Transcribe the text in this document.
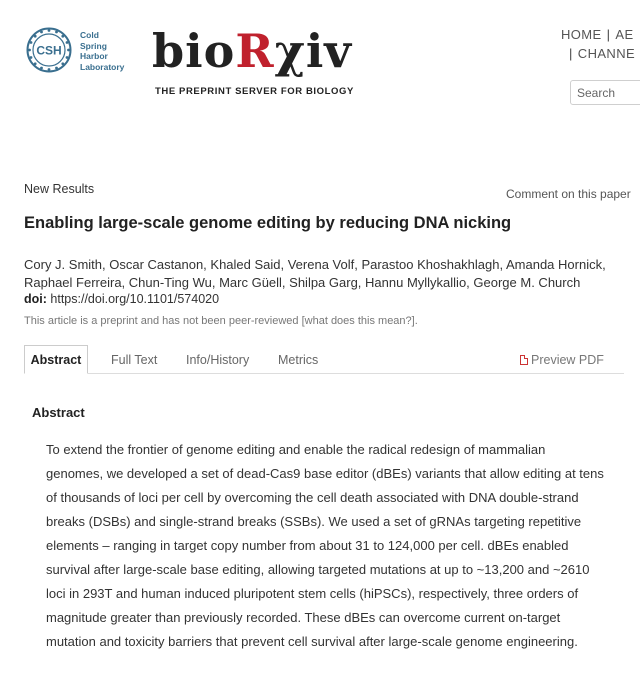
CSH
Cold
Spring
Harbor
Laboratory bioRχiv
THE PREPRINT SERVER FOR BIOLOGY
HOME | AE
| CHANNE
Search
New Results	Comment on this paper
Enabling large-scale genome editing by reducing DNA nicking
Cory J. Smith, Oscar Castanon, Khaled Said, Verena Volf, Parastoo Khoshakhlagh, Amanda Hornick, Raphael Ferreira, Chun-Ting Wu, Marc Güell, Shilpa Garg, Hannu Myllykallio, George M. Church
doi: https://doi.org/10.1101/574020
This article is a preprint and has not been peer-reviewed [what does this mean?].
Abstract	Full Text Info/History Metrics	Preview PDF
Abstract
To extend the frontier of genome editing and enable the radical redesign of mammalian genomes, we developed a set of dead-Cas9 base editor (dBEs) variants that allow editing at tens of thousands of loci per cell by overcoming the cell death associated with DNA double-strand breaks (DSBs) and single-strand breaks (SSBs). We used a set of gRNAs targeting repetitive elements – ranging in target copy number from about 31 to 124,000 per cell. dBEs enabled survival after large-scale base editing, allowing targeted mutations at up to ~13,200 and ~2610 loci in 293T and human induced pluripotent stem cells (hiPSCs), respectively, three orders of magnitude greater than previously recorded. These dBEs can overcome current on-target mutation and toxicity barriers that prevent cell survival after large-scale genome engineering.
